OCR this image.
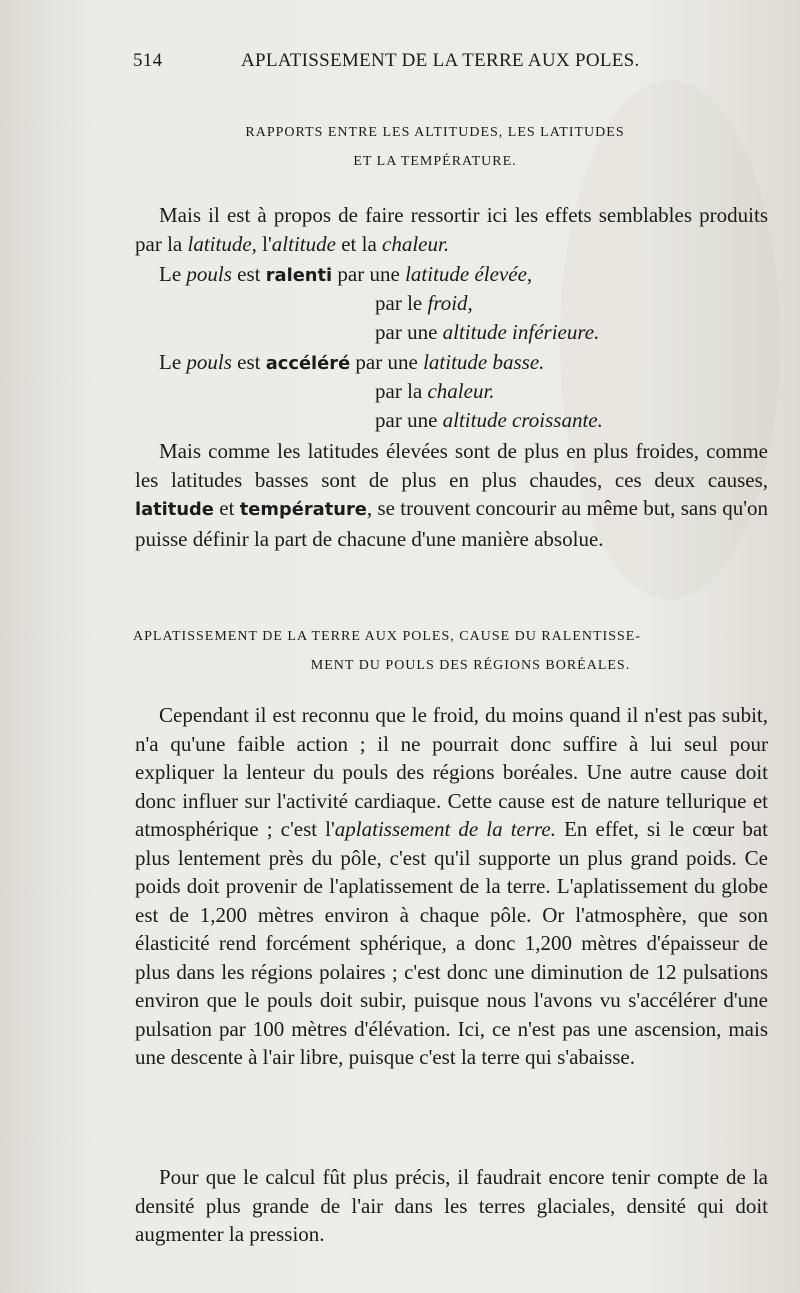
514	APLATISSEMENT DE LA TERRE AUX POLES.
RAPPORTS ENTRE LES ALTITUDES, LES LATITUDES
ET LA TEMPÉRATURE.

Mais il est à propos de faire ressortir ici les effets semblables produits par la latitude, l'altitude et la chaleur.

Le pouls est ralenti par une latitude élevée,
par le froid,
par une altitude inférieure.
Le pouls est accéléré par une latitude basse.
par la chaleur.
par une altitude croissante.

Mais comme les latitudes élevées sont de plus en plus froides, comme les latitudes basses sont de plus en plus chaudes, ces deux causes, latitude et température, se trouvent concourir au même but, sans qu'on puisse définir la part de chacune d'une manière absolue.

APLATISSEMENT DE LA TERRE AUX POLES, CAUSE DU RALENTISSE-
MENT DU POULS DES RÉGIONS BORÉALES.

Cependant il est reconnu que le froid, du moins quand il n'est pas subit, n'a qu'une faible action ; il ne pourrait donc suffire à lui seul pour expliquer la lenteur du pouls des régions boréales. Une autre cause doit donc influer sur l'activité cardiaque. Cette cause est de nature tellurique et atmosphérique ; c'est l'aplatissement de la terre. En effet, si le cœur bat plus lentement près du pôle, c'est qu'il supporte un plus grand poids. Ce poids doit provenir de l'aplatissement de la terre. L'aplatissement du globe est de 1,200 mètres environ à chaque pôle. Or l'atmosphère, que son élasticité rend forcément sphérique, a donc 1,200 mètres d'épaisseur de plus dans les régions polaires ; c'est donc une diminution de 12 pulsations environ que le pouls doit subir, puisque nous l'avons vu s'accélérer d'une pulsation par 100 mètres d'élévation. Ici, ce n'est pas une ascension, mais une descente à l'air libre, puisque c'est la terre qui s'abaisse.

Pour que le calcul fût plus précis, il faudrait encore tenir compte de la densité plus grande de l'air dans les terres glaciales, densité qui doit augmenter la pression.
